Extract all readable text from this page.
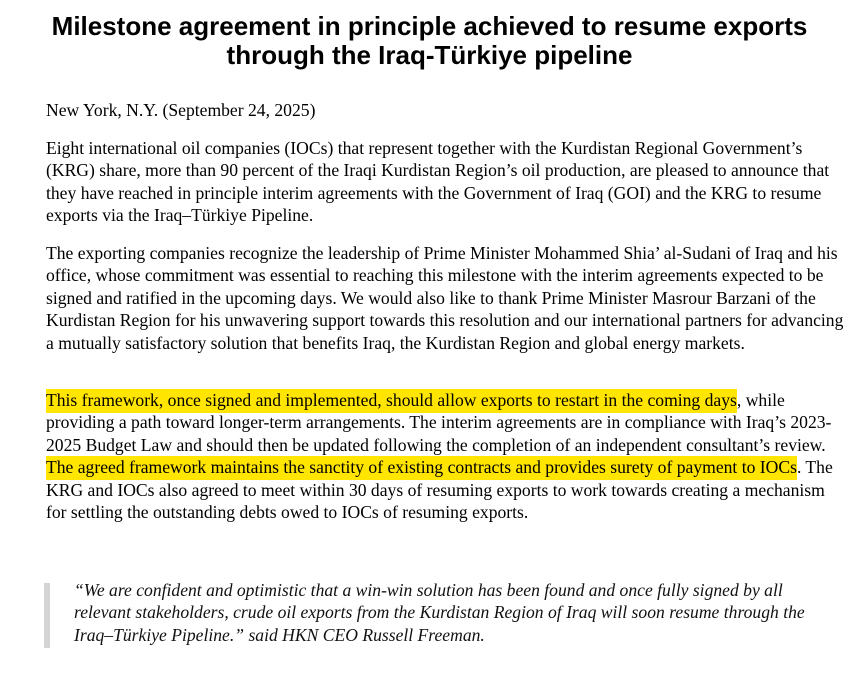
Milestone agreement in principle achieved to resume exports through the Iraq-Türkiye pipeline

New York, N.Y. (September 24, 2025)

Eight international oil companies (IOCs) that represent together with the Kurdistan Regional Government’s (KRG) share, more than 90 percent of the Iraqi Kurdistan Region’s oil production, are pleased to announce that they have reached in principle interim agreements with the Government of Iraq (GOI) and the KRG to resume exports via the Iraq–Türkiye Pipeline.

The exporting companies recognize the leadership of Prime Minister Mohammed Shia’ al-Sudani of Iraq and his office, whose commitment was essential to reaching this milestone with the interim agreements expected to be signed and ratified in the upcoming days. We would also like to thank Prime Minister Masrour Barzani of the Kurdistan Region for his unwavering support towards this resolution and our international partners for advancing a mutually satisfactory solution that benefits Iraq, the Kurdistan Region and global energy markets.

This framework, once signed and implemented, should allow exports to restart in the coming days, while providing a path toward longer-term arrangements. The interim agreements are in compliance with Iraq’s 2023-2025 Budget Law and should then be updated following the completion of an independent consultant’s review. The agreed framework maintains the sanctity of existing contracts and provides surety of payment to IOCs. The KRG and IOCs also agreed to meet within 30 days of resuming exports to work towards creating a mechanism for settling the outstanding debts owed to IOCs of resuming exports.

“We are confident and optimistic that a win-win solution has been found and once fully signed by all relevant stakeholders, crude oil exports from the Kurdistan Region of Iraq will soon resume through the Iraq–Türkiye Pipeline.” said HKN CEO Russell Freeman.
